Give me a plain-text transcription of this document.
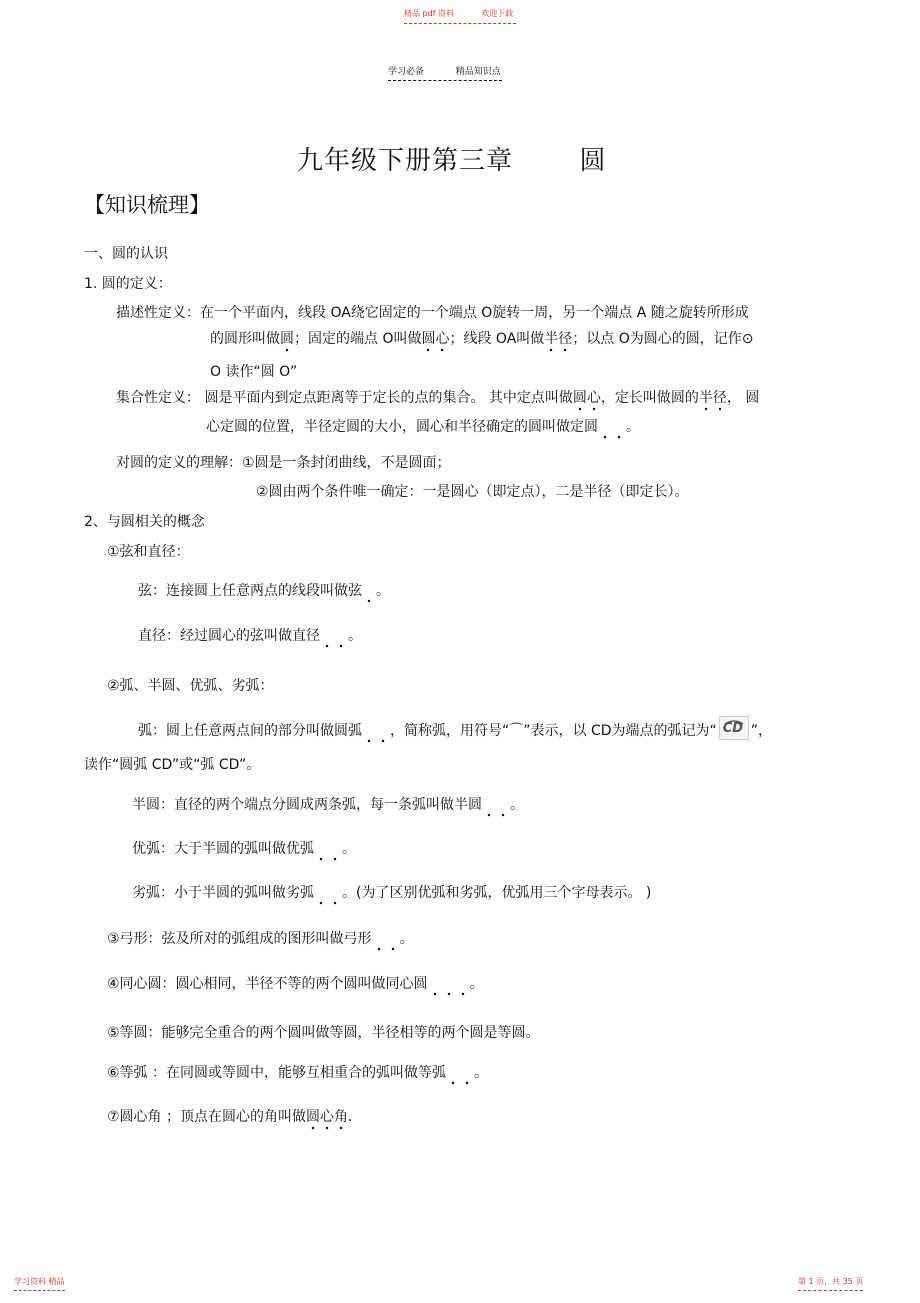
精品 pdf 资料	欢迎下载
学习必备	精品知识点
九年级下册第三章	圆
【知识梳理】
一、圆的认识
1. 圆的定义：
描述性定义：在一个平面内，线段 OA绕它固定的一个端点 O旋转一周，另一个端点 A 随之旋转所形成
的圆形叫做圆；固定的端点 O叫做圆心；线段 OA叫做半径；以点 O为圆心的圆，记作⊙
O 读作“圆 O”
集合性定义： 圆是平面内到定点距离等于定长的点的集合。 其中定点叫做圆心，定长叫做圆的半径， 圆
心定圆的位置，半径定圆的大小，圆心和半径确定的圆叫做定圆 。
对圆的定义的理解：①圆是一条封闭曲线，不是圆面；
②圆由两个条件唯一确定：一是圆心（即定点），二是半径（即定长）。
2、与圆相关的概念
①弦和直径：
弦：连接圆上任意两点的线段叫做弦 。
直径：经过圆心的弦叫做直径 。
②弧、半圆、优弧、劣弧：
弧：圆上任意两点间的部分叫做圆弧 ，简称弧，用符号“⌒”表示，以 CD为端点的弧记为“ CD ”，
读作“圆弧 CD”或“弧 CD”。
半圆：直径的两个端点分圆成两条弧，每一条弧叫做半圆 。
优弧：大于半圆的弧叫做优弧 。
劣弧：小于半圆的弧叫做劣弧 。(为了区别优弧和劣弧，优弧用三个字母表示。 )
③弓形：弦及所对的弧组成的图形叫做弓形 。
④同心圆：圆心相同，半径不等的两个圆叫做同心圆	。
⑤等圆：能够完全重合的两个圆叫做等圆，半径相等的两个圆是等圆。
⑥等弧 ：在同圆或等圆中，能够互相重合的弧叫做等弧 。
⑦圆心角 ；顶点在圆心的角叫做圆心角.
学习资料 精品	第 1 页，共 35 页
